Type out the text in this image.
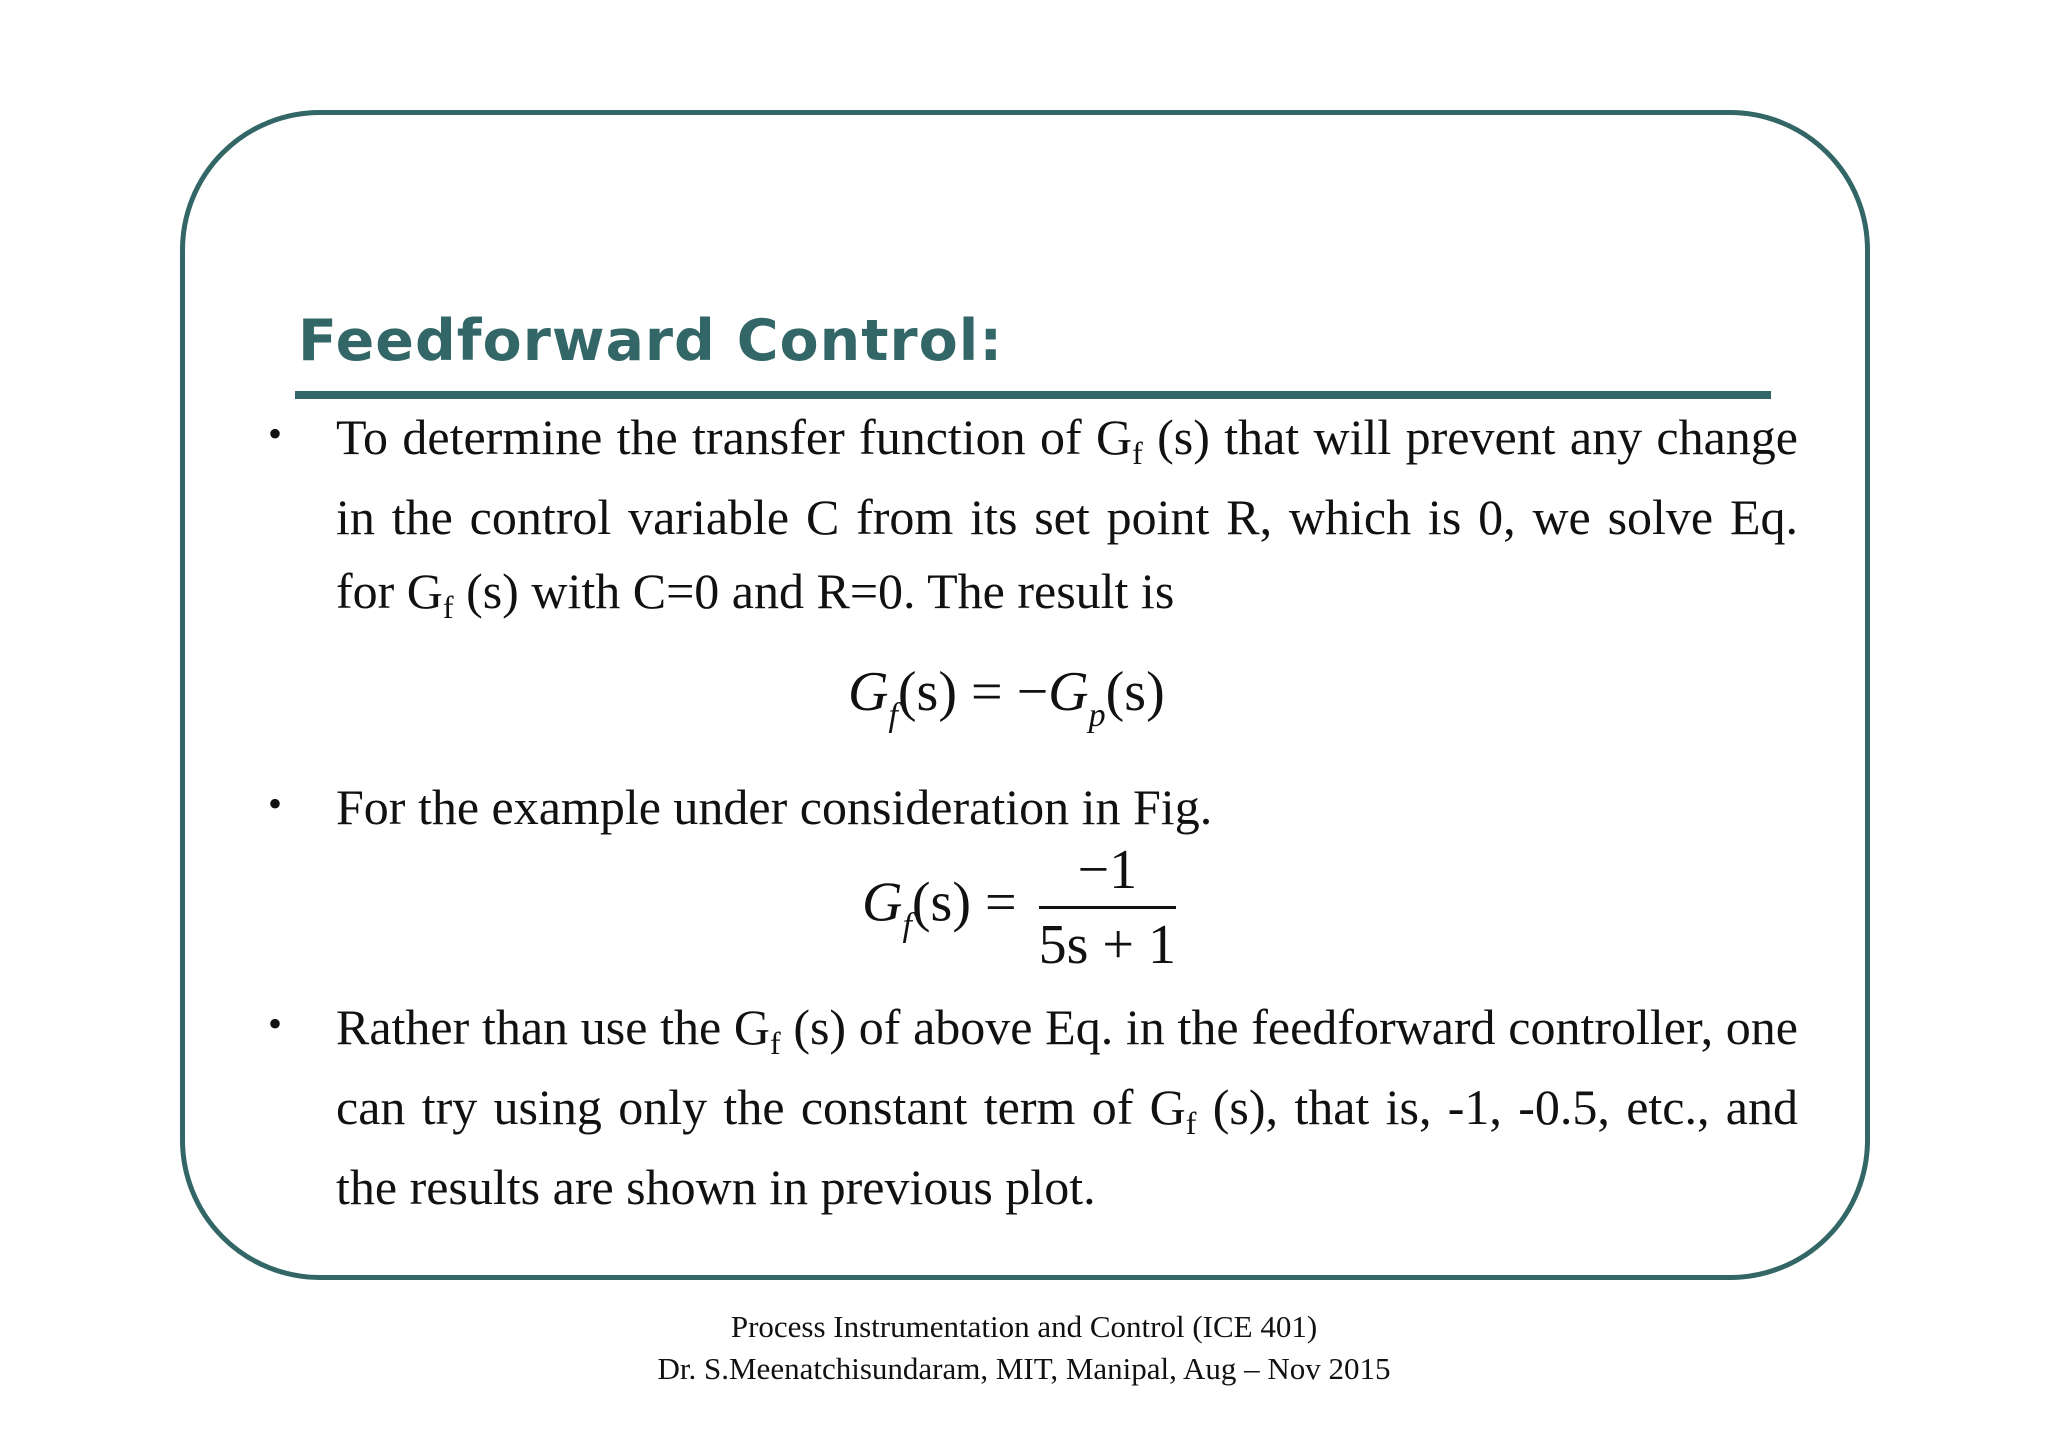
Feedforward Control:
• To determine the transfer function of $G_f$ (s) that will prevent any change in the control variable C from its set point R, which is 0, we solve Eq. for $G_f$ (s) with C=0 and R=0. The result is
$G_f(s) = -G_p(s)$
• For the example under consideration in Fig.
$G_f(s) = \frac{-1}{5s + 1}$
• Rather than use the $G_f$ (s) of above Eq. in the feedforward controller, one can try using only the constant term of $G_f$ (s), that is, -1, -0.5, etc., and the results are shown in previous plot.
Process Instrumentation and Control (ICE 401)
Dr. S.Meenatchisundaram, MIT, Manipal, Aug – Nov 2015
